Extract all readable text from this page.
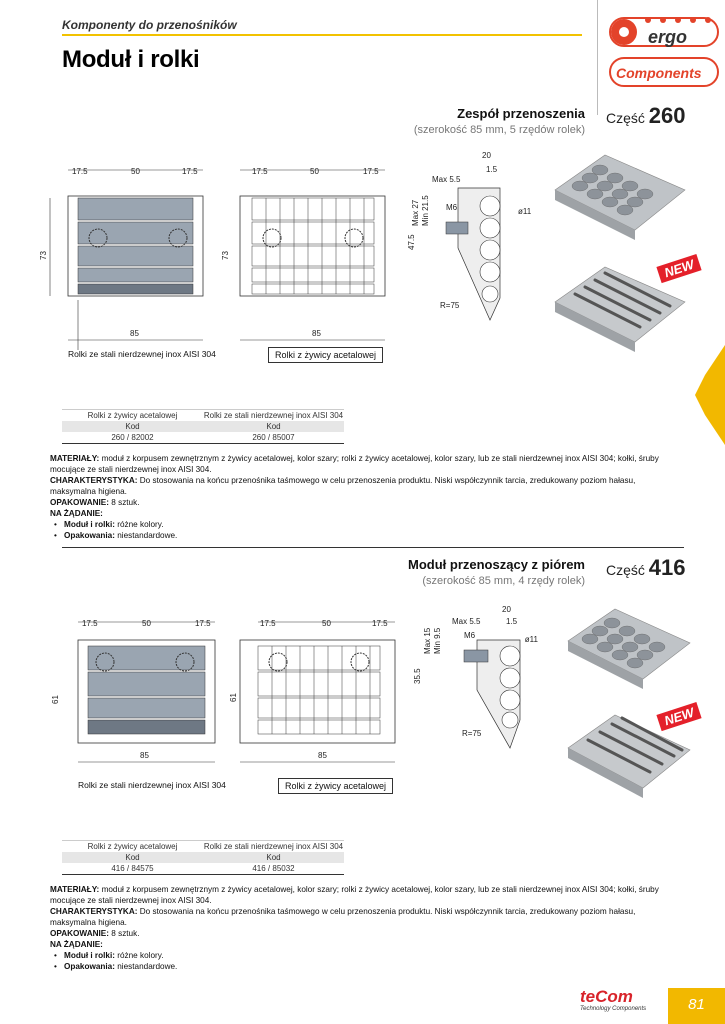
Komponenty do przenośników
Moduł i rolki
ergo
Components
Zespół przenoszenia
(szerokość 85 mm, 5 rzędów rolek)
Część 260
17.5	50	17.5
73
85
Rolki ze stali nierdzewnej inox AISI 304
17.5	50	17.5
73
85
Rolki z żywicy acetalowej
20
1.5
Max 5.5
M6	ø11
47.5
Max 27 Min 21.5
R=75
NEW
Rolki z żywicy acetalowej	Rolki ze stali nierdzewnej inox AISI 304
Kod	Kod
260 / 82002	260 / 85007
MATERIAŁY: moduł z korpusem zewnętrznym z żywicy acetalowej, kolor szary; rolki z żywicy acetalowej, kolor szary, lub ze stali nierdzewnej inox AISI 304; kołki, śruby mocujące ze stali nierdzewnej inox AISI 304.
CHARAKTERYSTYKA: Do stosowania na końcu przenośnika taśmowego w celu przenoszenia produktu. Niski współczynnik tarcia, zredukowany poziom hałasu, maksymalna higiena.
OPAKOWANIE: 8 sztuk.
NA ŻĄDANIE:
• Moduł i rolki: różne kolory.
• Opakowania: niestandardowe.
Moduł przenoszący z piórem
(szerokość 85 mm, 4 rzędy rolek)
Część 416
17.5	50	17.5
61
85
Rolki ze stali nierdzewnej inox AISI 304
17.5	50	17.5
61
85
Rolki z żywicy acetalowej
20
1.5
Max 5.5
M6	ø11
35.5
Max 15 Min 9.5
R=75
NEW
Rolki z żywicy acetalowej	Rolki ze stali nierdzewnej inox AISI 304
Kod	Kod
416 / 84575	416 / 85032
MATERIAŁY: moduł z korpusem zewnętrznym z żywicy acetalowej, kolor szary; rolki z żywicy acetalowej, kolor szary, lub ze stali nierdzewnej inox AISI 304; kołki, śruby mocujące ze stali nierdzewnej inox AISI 304.
CHARAKTERYSTYKA: Do stosowania na końcu przenośnika taśmowego w celu przenoszenia produktu. Niski współczynnik tarcia, zredukowany poziom hałasu, maksymalna higiena.
OPAKOWANIE: 8 sztuk.
NA ŻĄDANIE:
• Moduł i rolki: różne kolory.
• Opakowania: niestandardowe.
teCom
Technology Components	81
